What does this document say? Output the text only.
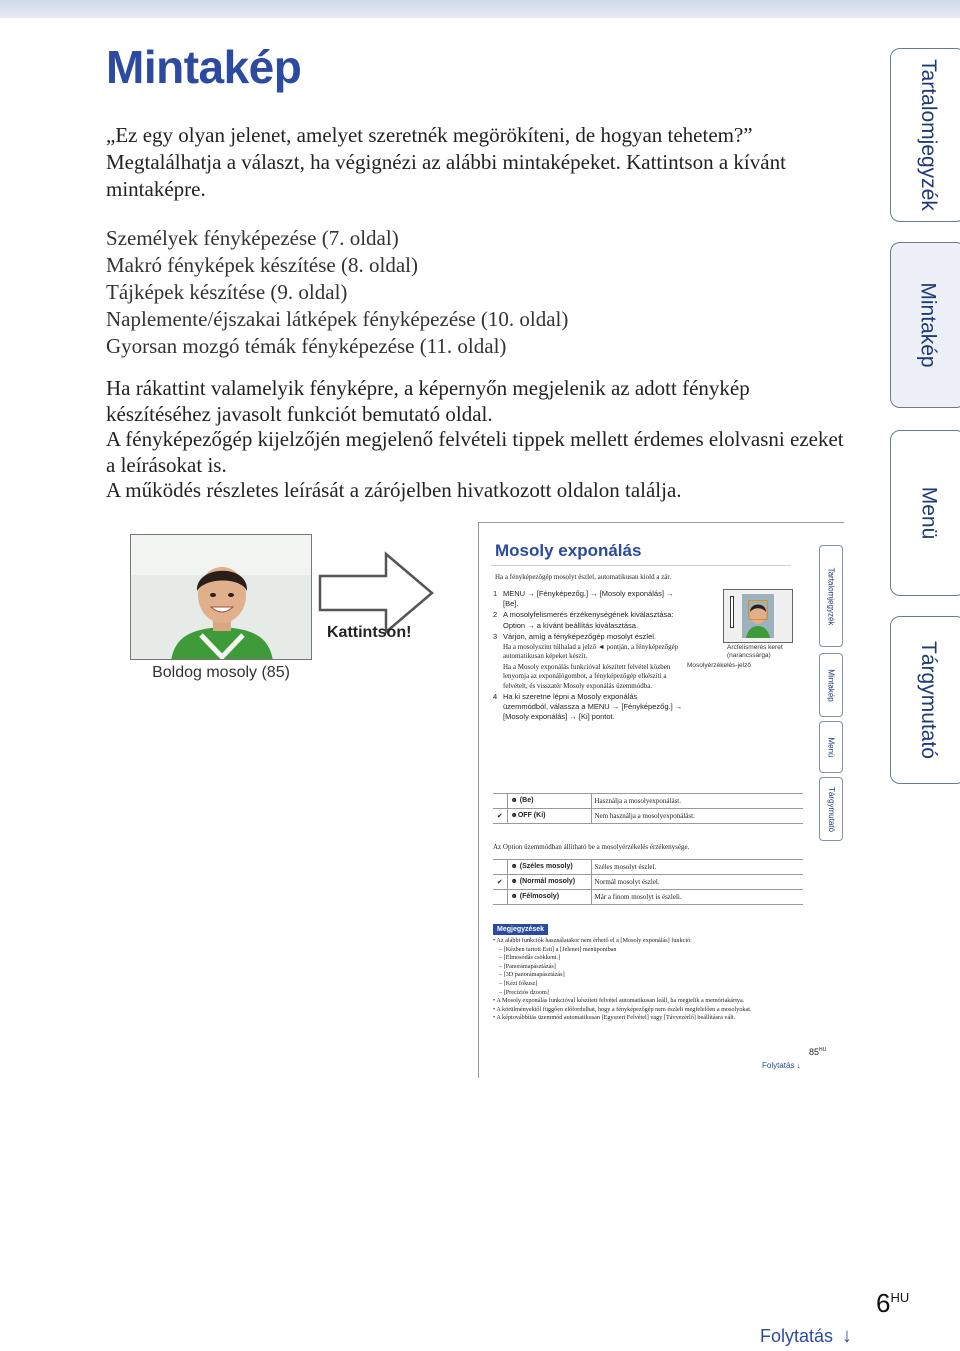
Mintakép

„Ez egy olyan jelenet, amelyet szeretnék megörökíteni, de hogyan tehetem?” Megtalálhatja a választ, ha végignézi az alábbi mintaképeket. Kattintson a kívánt mintaképre.

Személyek fényképezése (7. oldal)
Makró fényképek készítése (8. oldal)
Tájképek készítése (9. oldal)
Naplemente/éjszakai látképek fényképezése (10. oldal)
Gyorsan mozgó témák fényképezése (11. oldal)

Ha rákattint valamelyik fényképre, a képernyőn megjelenik az adott fénykép készítéséhez javasolt funkciót bemutató oldal.

A fényképezőgép kijelzőjén megjelenő felvételi tippek mellett érdemes elolvasni ezeket a leírásokat is.

A működés részletes leírását a zárójelben hivatkozott oldalon találja.

Tartalomjegyzék
Mintakép
Menü
Tárgymutató
Boldog mosoly (85)
Kattintson!
Mosoly exponálás
Ha a fényképezőgép mosolyt észlel, automatikusan kiold a zár.
1 MENU → [Fényképezőg.] → [Mosoly exponálás] → [Be].
2 A mosolyfelismerés érzékenységének kiválasztása: Option → a kívánt beállítás kiválasztása.
3 Várjon, amíg a fényképezőgép mosolyt észlel.
Ha a mosolyszint túlhalad a jelző ◄ pontján, a fényképezőgép automatikusan képeket készít.
Ha a Mosoly exponálás funkcióval készített felvétel közben lenyomja az exponálógombot, a fényképezőgép elkészíti a felvételt, és visszatér Mosoly exponálás üzemmódba.
4 Ha ki szeretne lépni a Mosoly exponálás üzemmódból, válassza a MENU → [Fényképezőg.] → [Mosoly exponálás] → [Ki] pontot.
Arcfelismerés keret (narancssárga)
Mosolyérzékelés-jelző
	☻ (Be)	Használja a mosolyexponálást.
✔	☻OFF (Ki)	Nem használja a mosolyexponálást.
Az Option üzemmódban állítható be a mosolyérzékelés érzékenysége.
	☻ (Széles mosoly)	Széles mosolyt észlel.
✔	☻ (Normál mosoly)	Normál mosolyt észlel.
	☻ (Félmosoly)	Már a finom mosolyt is észleli.
Megjegyzések
• Az alábbi funkciók használatakor nem érhető el a [Mosoly exponálás] funkció:
– [Kézben tartott Esti] a [Jelenet] menüpontban
– [Elmosódás csökkent.]
– [Panorámapásztázás]
– [3D panorámapásztázás]
– [Kézi fókusz]
– [Precíziós dzoom]
• A Mosoly exponálás funkcióval készített felvétel automatikusan leáll, ha megtelik a memóriakártya.
• A körülményektől függően előfordulhat, hogy a fényképezőgép nem észleli megfelelően a mosolyokat.
• A képtovábbítás üzemmód automatikusan [Egyszeri Felvétel] vagy [Távvezérlő] beállításra vált.
$85^{HU}$
Folytatás ↓
Tartalomjegyzék
Mintakép
Menü
Tárgymutató
$6^{HU}$
Folytatás ↓
